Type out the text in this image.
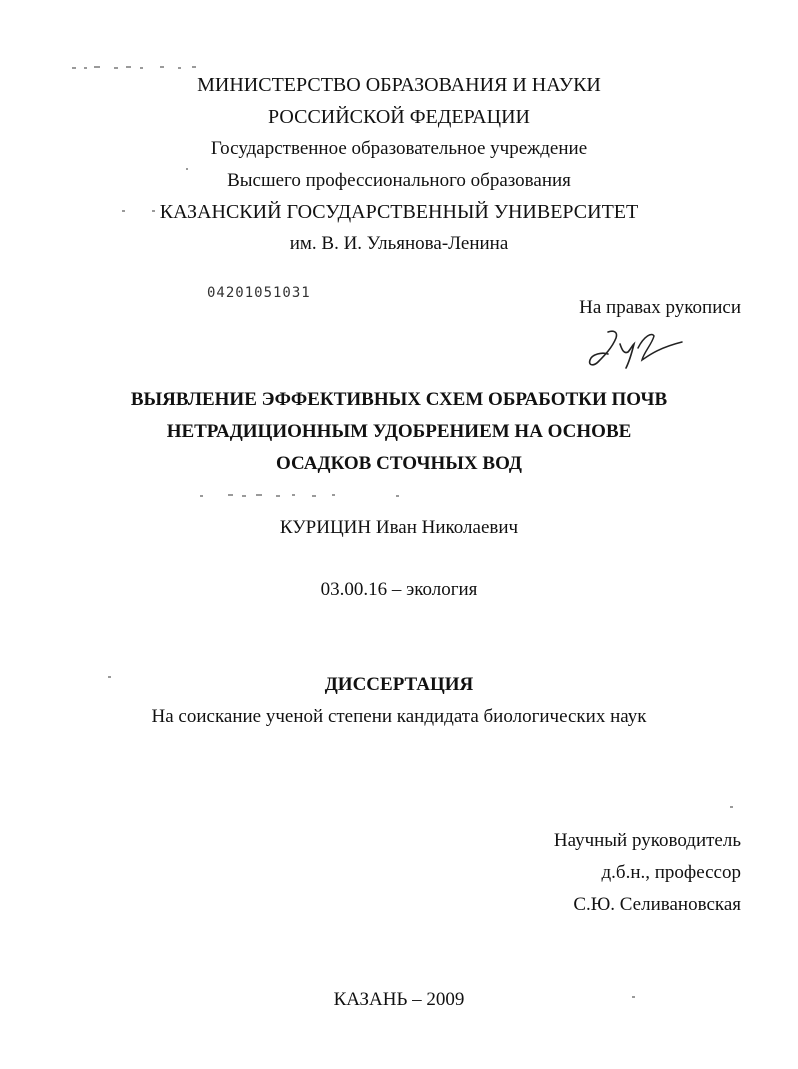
МИНИСТЕРСТВО ОБРАЗОВАНИЯ И НАУКИ
РОССИЙСКОЙ ФЕДЕРАЦИИ
Государственное образовательное учреждение
Высшего профессионального образования
КАЗАНСКИЙ ГОСУДАРСТВЕННЫЙ УНИВЕРСИТЕТ
им. В. И. Ульянова-Ленина
04201051031
На правах рукописи
ВЫЯВЛЕНИЕ ЭФФЕКТИВНЫХ СХЕМ ОБРАБОТКИ ПОЧВ
НЕТРАДИЦИОННЫМ УДОБРЕНИЕМ НА ОСНОВЕ
ОСАДКОВ СТОЧНЫХ ВОД
КУРИЦИН Иван Николаевич
03.00.16 – экология
ДИССЕРТАЦИЯ
На соискание ученой степени кандидата биологических наук
Научный руководитель
д.б.н., профессор
С.Ю. Селивановская
КАЗАНЬ – 2009
